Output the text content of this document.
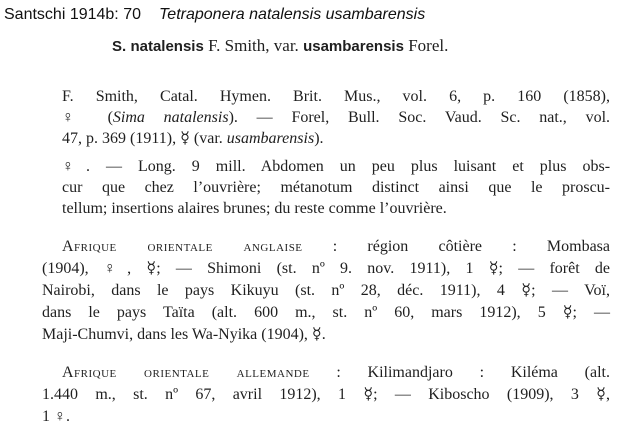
Santschi 1914b: 70 Tetraponera natalensis usambarensis
S. natalensis F. Smith, var. usambarensis Forel.
F. Smith, Catal. Hymen. Brit. Mus., vol. 6, p. 160 (1858),
♀ (Sima natalensis). — Forel, Bull. Soc. Vaud. Sc. nat., vol.
47, p. 369 (1911), ☿ (var. usambarensis).
♀. — Long. 9 mill. Abdomen un peu plus luisant et plus obs-
cur que chez l’ouvrière; métanotum distinct ainsi que le proscu-
tellum; insertions alaires brunes; du reste comme l’ouvrière.
Afrique orientale anglaise : région côtière : Mombasa
(1904), ♀, ☿; — Shimoni (st. nº 9. nov. 1911), 1 ☿; — forêt de
Nairobi, dans le pays Kikuyu (st. nº 28, déc. 1911), 4 ☿; — Voï,
dans le pays Taïta (alt. 600 m., st. nº 60, mars 1912), 5 ☿; —
Maji-Chumvi, dans les Wa-Nyika (1904), ☿.
Afrique orientale allemande : Kilimandjaro : Kiléma (alt.
1.440 m., st. nº 67, avril 1912), 1 ☿; — Kiboscho (1909), 3 ☿,
1 ♀.
